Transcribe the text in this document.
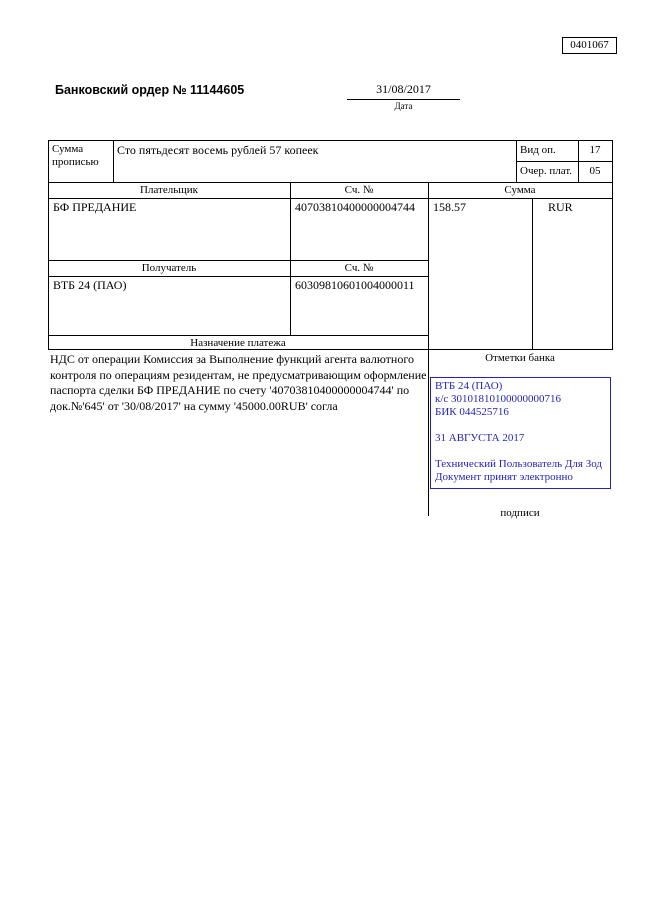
0401067
Банковский ордер № 11144605	31/08/2017
Дата
Сумма прописью
Сто пятьдесят восемь рублей 57 копеек	Вид оп.	17
Очер. плат.	05
Плательщик	Сч. №	Сумма
БФ ПРЕДАНИЕ	40703810400000004744 158.57	RUR
Получатель	Сч. №
ВТБ 24 (ПАО)	60309810601004000011
Назначение платежа
НДС от операции Комиссия за Выполнение функций агента валютного контроля по операциям резидентам, не предусматривающим оформление паспорта сделки БФ ПРЕДАНИЕ по счету '40703810400000004744' по док.№'645' от '30/08/2017' на сумму '45000.00RUB' согла
Отметки банка
ВТБ 24 (ПАО)
к/с 30101810100000000716
БИК 044525716
31 АВГУСТА 2017
Технический Пользователь Для Зод
Документ принят электронно
подписи
